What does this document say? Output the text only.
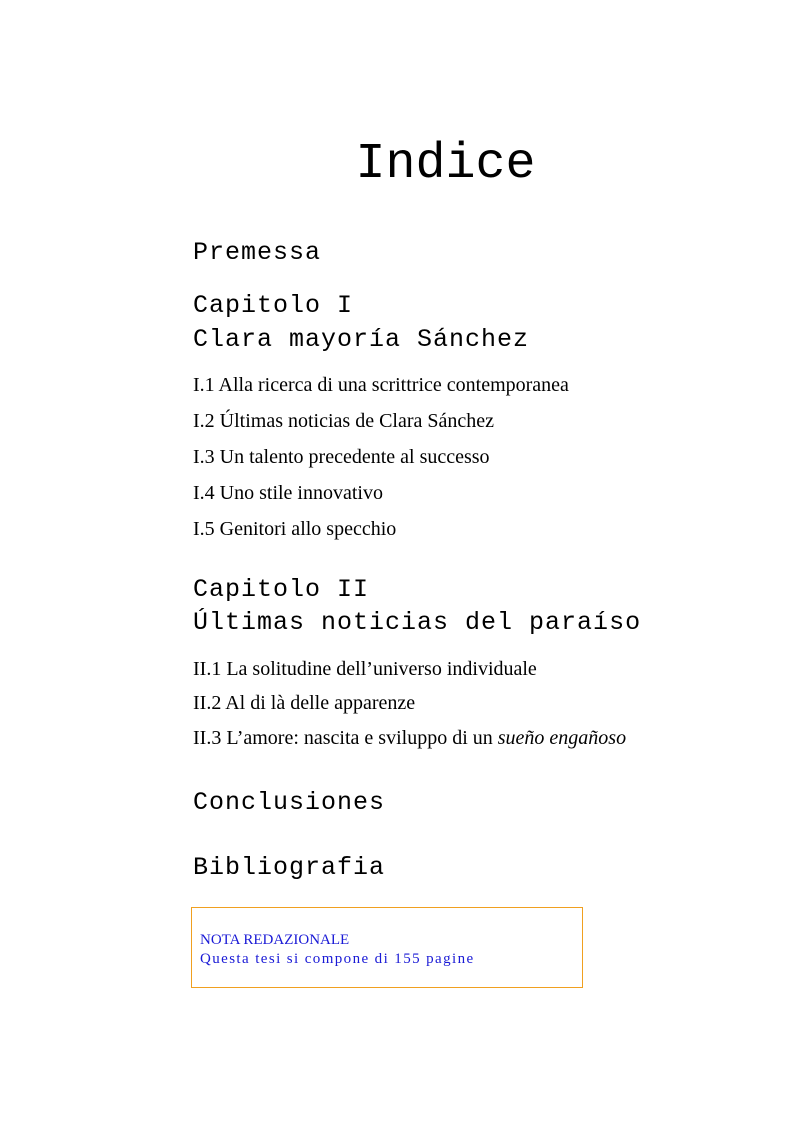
Indice
Premessa
Capitolo I
Clara mayoría Sánchez
I.1 Alla ricerca di una scrittrice contemporanea
I.2 Últimas noticias de Clara Sánchez
I.3 Un talento precedente al successo
I.4 Uno stile innovativo
I.5 Genitori allo specchio
Capitolo II
Últimas noticias del paraíso
II.1 La solitudine dell’universo individuale
II.2 Al di là delle apparenze
II.3 L’amore: nascita e sviluppo di un sueño engañoso
Conclusiones
Bibliografia
NOTA REDAZIONALE
Questa tesi si compone di 155 pagine
